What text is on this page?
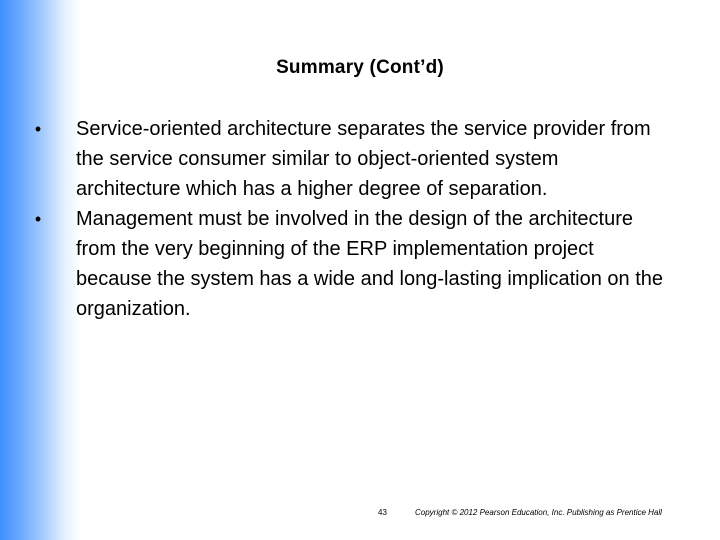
Summary (Cont’d)
•	Service-oriented architecture separates the service provider from the service consumer similar to object-oriented system architecture which has a higher degree of separation.
•	Management must be involved in the design of the architecture from the very beginning of the ERP implementation project because the system has a wide and long-lasting implication on the organization.
43	Copyright © 2012 Pearson Education, Inc. Publishing as Prentice Hall
